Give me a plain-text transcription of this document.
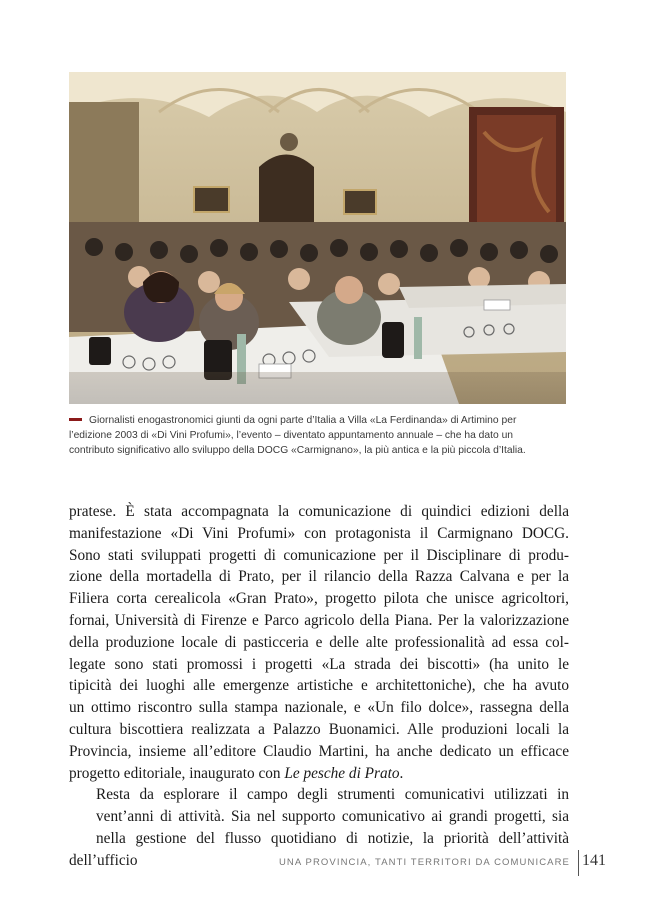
Giornalisti enogastronomici giunti da ogni parte d’Italia a Villa «La Ferdinanda» di Artimino per
l’edizione 2003 di «Di Vini Profumi», l’evento – diventato appuntamento annuale – che ha dato un
contributo significativo allo sviluppo della DOCG «Carmignano», la più antica e la più piccola d’Italia.

pratese. È stata accompagnata la comunicazione di quindici edizioni della
manifestazione «Di Vini Profumi» con protagonista il Carmignano DOCG.
Sono stati sviluppati progetti di comunicazione per il Disciplinare di produ-
zione della mortadella di Prato, per il rilancio della Razza Calvana e per la
Filiera corta cerealicola «Gran Prato», progetto pilota che unisce agricoltori,
fornai, Università di Firenze e Parco agricolo della Piana. Per la valorizzazione
della produzione locale di pasticceria e delle alte professionalità ad essa col-
legate sono stati promossi i progetti «La strada dei biscotti» (ha unito le
tipicità dei luoghi alle emergenze artistiche e architettoniche), che ha avuto
un ottimo riscontro sulla stampa nazionale, e «Un filo dolce», rassegna della
cultura biscottiera realizzata a Palazzo Buonamici. Alle produzioni locali la
Provincia, insieme all’editore Claudio Martini, ha anche dedicato un efficace
progetto editoriale, inaugurato con Le pesche di Prato.

Resta da esplorare il campo degli strumenti comunicativi utilizzati in
vent’anni di attività. Sia nel supporto comunicativo ai grandi progetti, sia
nella gestione del flusso quotidiano di notizie, la priorità dell’attività dell’ufficio	UNA PROVINCIA, TANTI TERRITORI DA COMUNICARE 141
